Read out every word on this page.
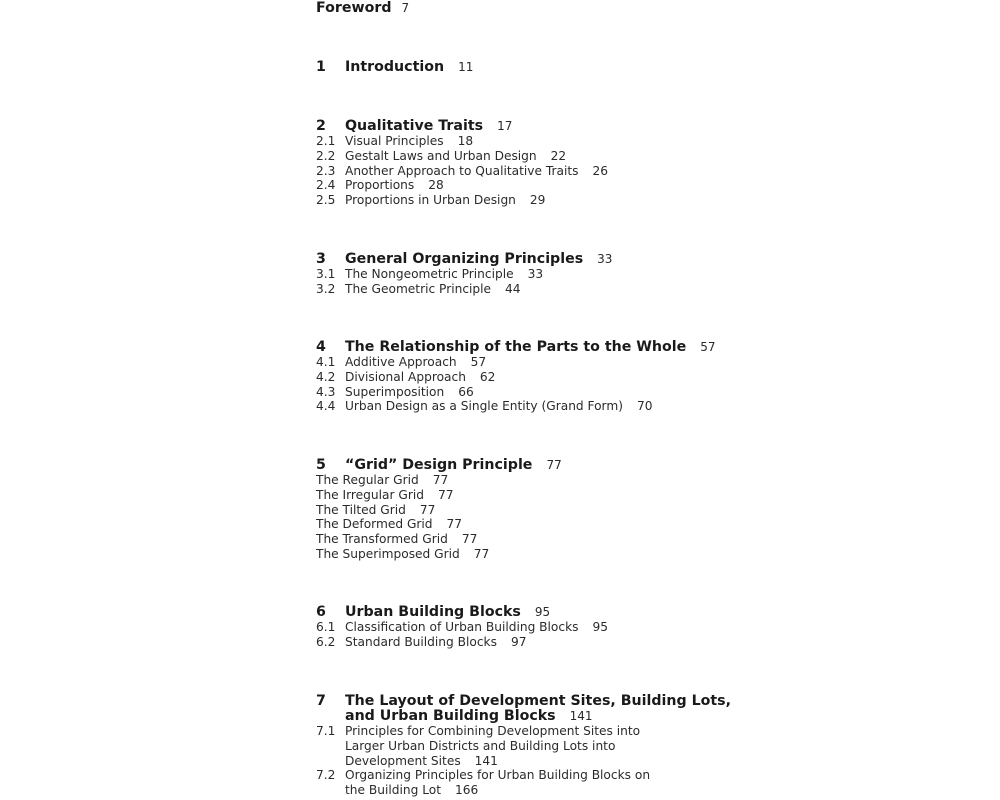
Foreword 7
1	Introduction 11
2	Qualitative Traits 17
2.1 Visual Principles 18
2.2 Gestalt Laws and Urban Design 22
2.3 Another Approach to Qualitative Traits 26
2.4 Proportions 28
2.5 Proportions in Urban Design 29
3	General Organizing Principles 33
3.1 The Nongeometric Principle 33
3.2 The Geometric Principle 44
4	The Relationship of the Parts to the Whole 57
4.1 Additive Approach 57
4.2 Divisional Approach 62
4.3 Superimposition 66
4.4 Urban Design as a Single Entity (Grand Form) 70
5	“Grid” Design Principle 77
The Regular Grid 77
The Irregular Grid 77
The Tilted Grid 77
The Deformed Grid 77
The Transformed Grid 77
The Superimposed Grid 77
6	Urban Building Blocks 95
6.1 Classification of Urban Building Blocks 95
6.2 Standard Building Blocks 97
7	The Layout of Development Sites, Building Lots,
and Urban Building Blocks 141
7.1 Principles for Combining Development Sites into
Larger Urban Districts and Building Lots into
Development Sites 141
7.2 Organizing Principles for Urban Building Blocks on
the Building Lot 166
